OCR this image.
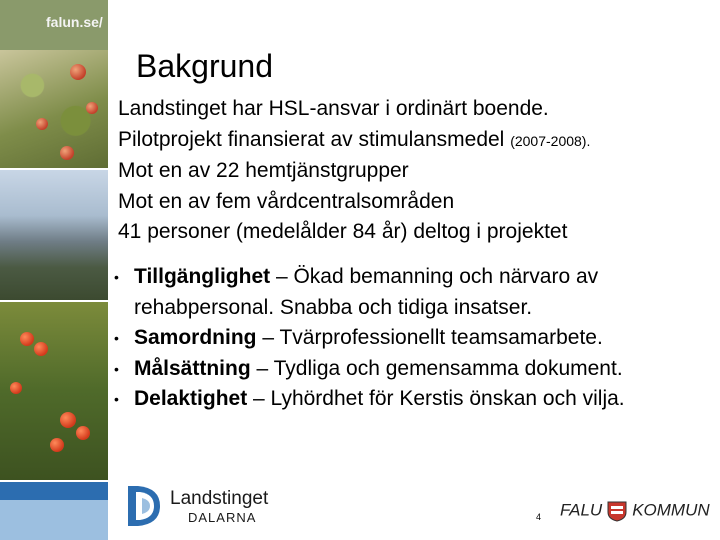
falun.se/
Bakgrund
Landstinget har HSL-ansvar i ordinärt boende.
Pilotprojekt finansierat av stimulansmedel (2007-2008).
Mot en av 22 hemtjänstgrupper
Mot en av fem vårdcentralsområden
41 personer (medelålder 84 år) deltog i projektet
• Tillgänglighet – Ökad bemanning och närvaro av
rehabpersonal. Snabba och tidiga insatser.
• Samordning – Tvärprofessionellt teamsamarbete.
• Målsättning – Tydliga och gemensamma dokument.
• Delaktighet – Lyhördhet för Kerstis önskan och vilja.
Landstinget
DALARNA	4 FALU KOMMUN
